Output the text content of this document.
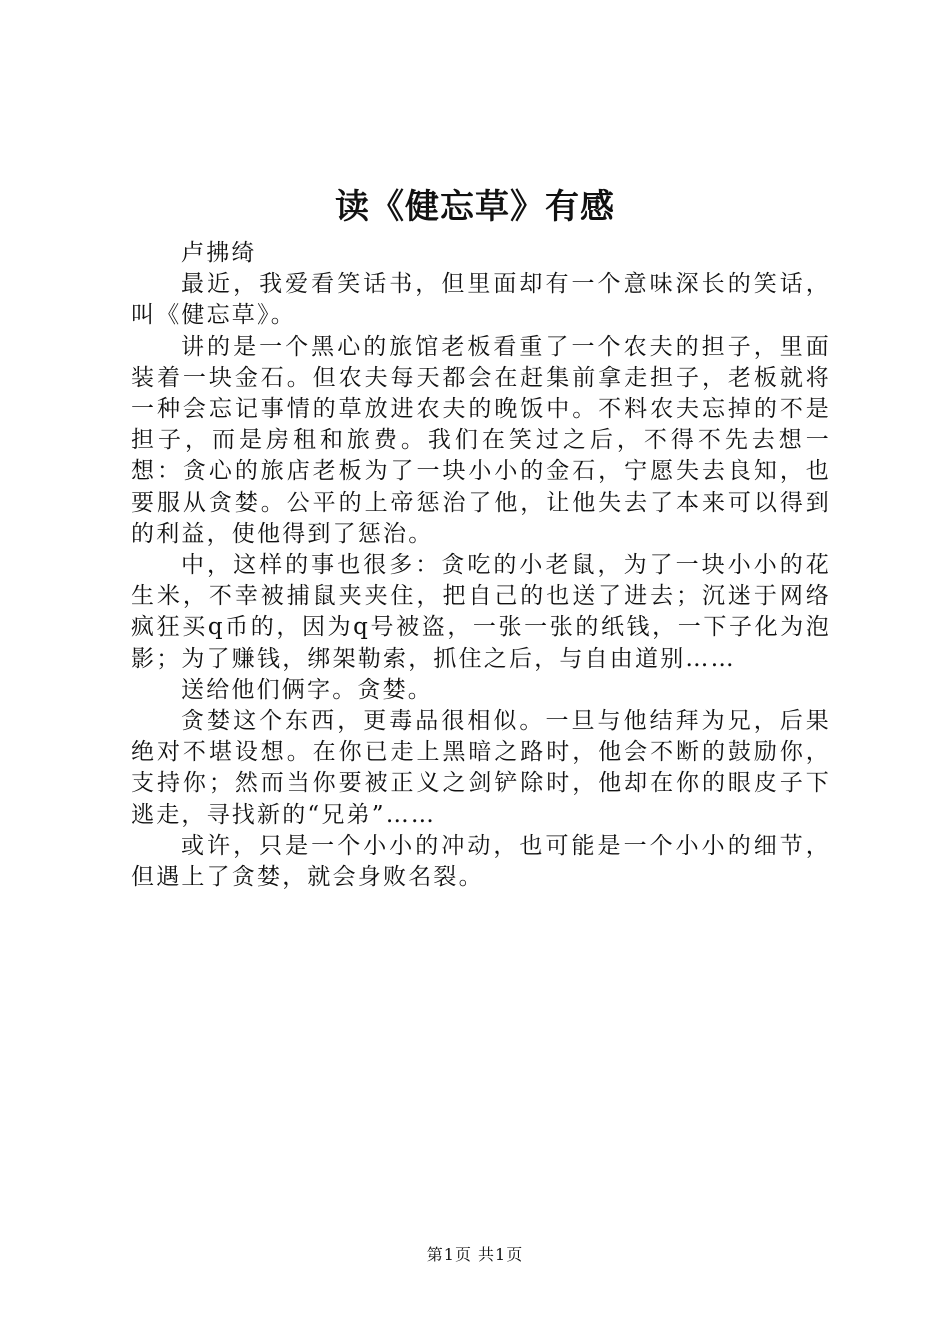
读《健忘草》有感

卢拂绮

最近，我爱看笑话书，但里面却有一个意味深长的笑话，叫《健忘草》。

讲的是一个黑心的旅馆老板看重了一个农夫的担子，里面装着一块金石。但农夫每天都会在赶集前拿走担子，老板就将一种会忘记事情的草放进农夫的晚饭中。不料农夫忘掉的不是担子，而是房租和旅费。我们在笑过之后，不得不先去想一想：贪心的旅店老板为了一块小小的金石，宁愿失去良知，也要服从贪婪。公平的上帝惩治了他，让他失去了本来可以得到的利益，使他得到了惩治。

中，这样的事也很多：贪吃的小老鼠，为了一块小小的花生米，不幸被捕鼠夹夹住，把自己的也送了进去；沉迷于网络疯狂买q币的，因为q号被盗，一张一张的纸钱，一下子化为泡影；为了赚钱，绑架勒索，抓住之后，与自由道别……

送给他们俩字。贪婪。

贪婪这个东西，更毒品很相似。一旦与他结拜为兄，后果绝对不堪设想。在你已走上黑暗之路时，他会不断的鼓励你，支持你；然而当你要被正义之剑铲除时，他却在你的眼皮子下逃走，寻找新的“兄弟”……

或许，只是一个小小的冲动，也可能是一个小小的细节，但遇上了贪婪，就会身败名裂。

第1页 共1页
